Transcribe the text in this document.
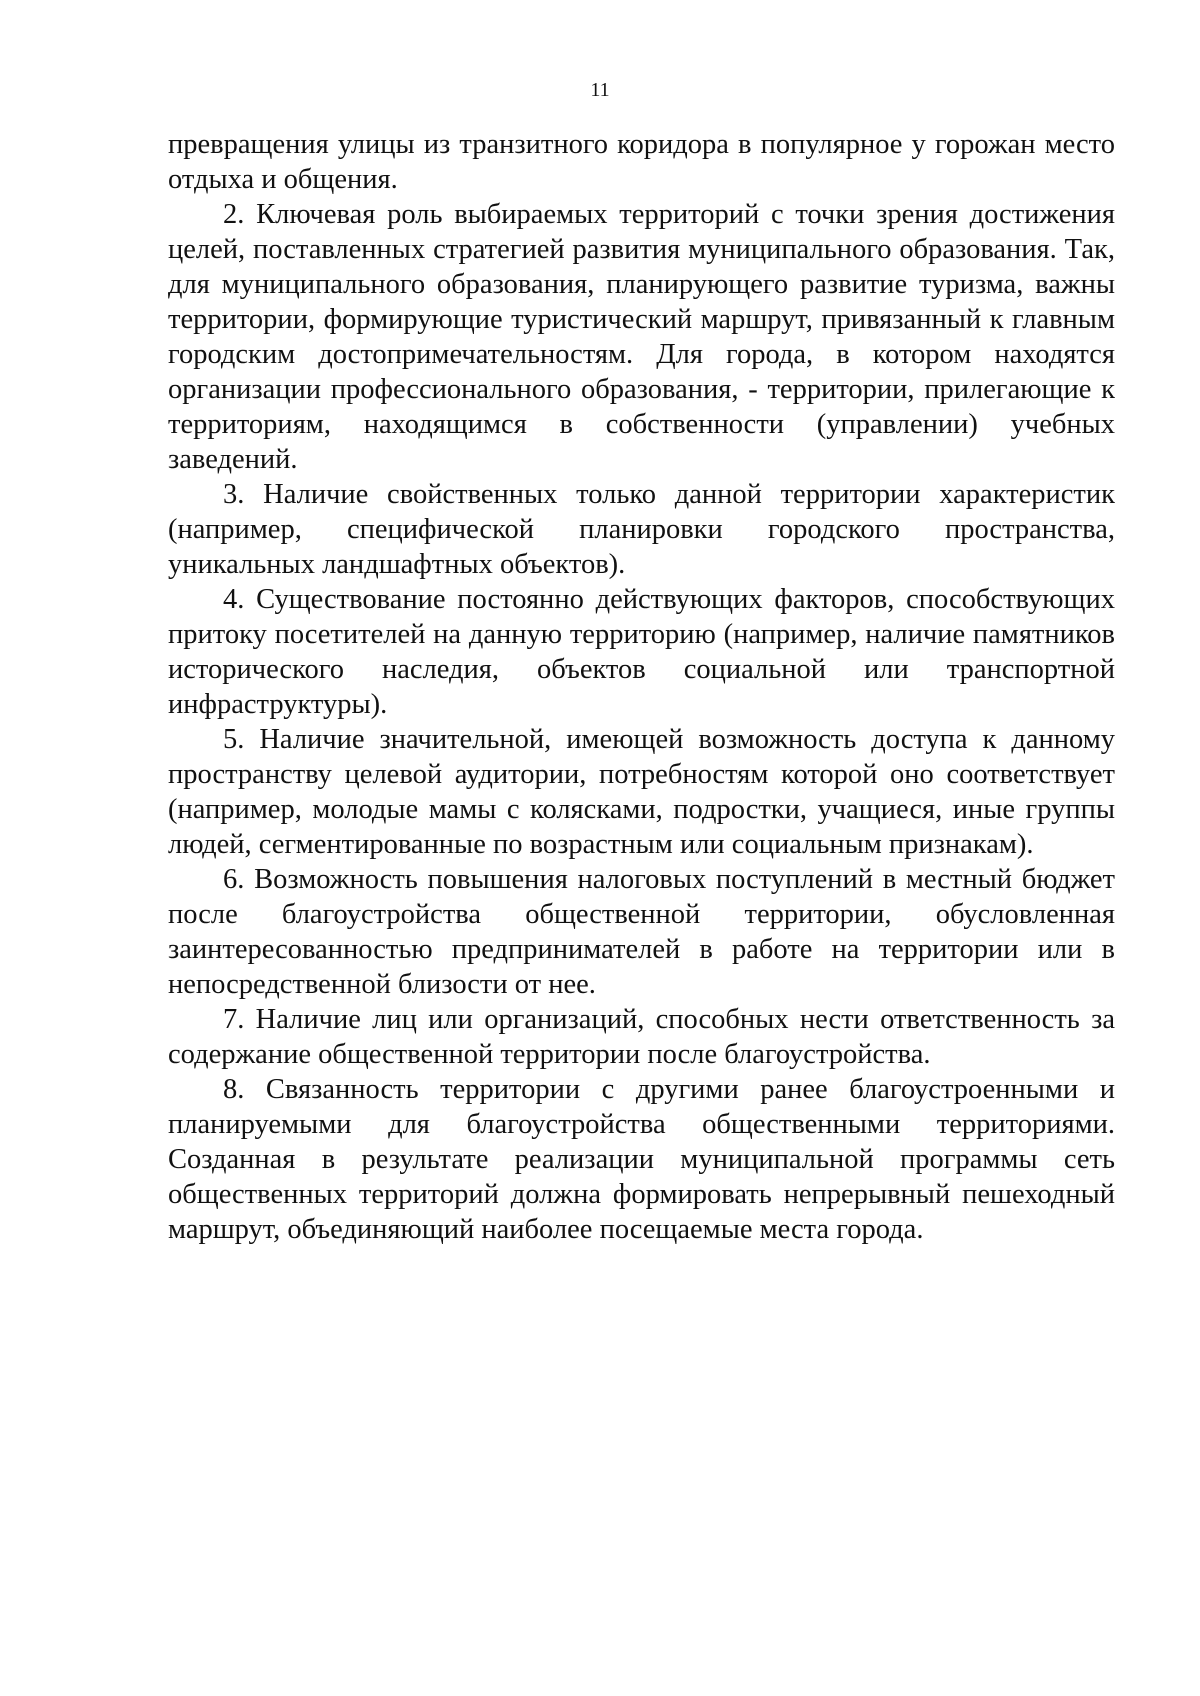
11

превращения улицы из транзитного коридора в популярное у горожан место отдыха и общения.

2. Ключевая роль выбираемых территорий с точки зрения достижения целей, поставленных стратегией развития муниципального образования. Так, для муниципального образования, планирующего развитие туризма, важны территории, формирующие туристический маршрут, привязанный к главным городским достопримечательностям. Для города, в котором находятся организации профессионального образования, - территории, прилегающие к территориям, находящимся в собственности (управлении) учебных заведений.

3. Наличие свойственных только данной территории характеристик (например, специфической планировки городского пространства, уникальных ландшафтных объектов).

4. Существование постоянно действующих факторов, способствующих притоку посетителей на данную территорию (например, наличие памятников исторического наследия, объектов социальной или транспортной инфраструктуры).

5. Наличие значительной, имеющей возможность доступа к данному пространству целевой аудитории, потребностям которой оно соответствует (например, молодые мамы с колясками, подростки, учащиеся, иные группы людей, сегментированные по возрастным или социальным признакам).

6. Возможность повышения налоговых поступлений в местный бюджет после благоустройства общественной территории, обусловленная заинтересованностью предпринимателей в работе на территории или в непосредственной близости от нее.

7. Наличие лиц или организаций, способных нести ответственность за содержание общественной территории после благоустройства.

8. Связанность территории с другими ранее благоустроенными и планируемыми для благоустройства общественными территориями. Созданная в результате реализации муниципальной программы сеть общественных территорий должна формировать непрерывный пешеходный маршрут, объединяющий наиболее посещаемые места города.
